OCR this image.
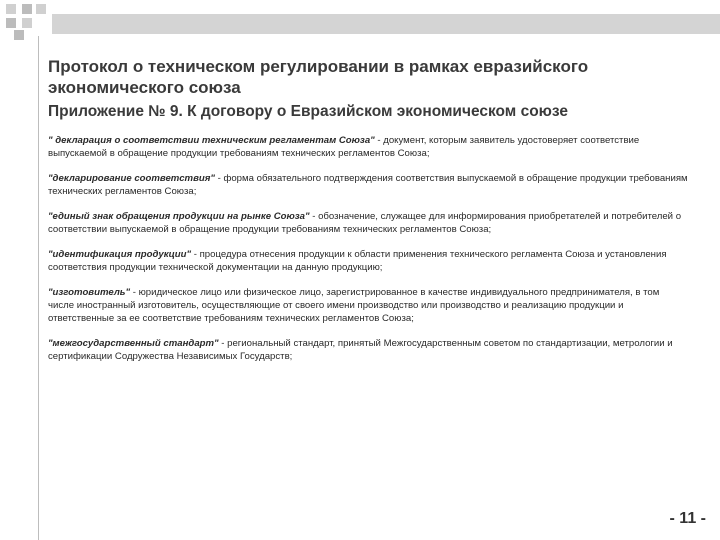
Протокол о техническом регулировании в рамках евразийского экономического союза
Приложение № 9. К договору о Евразийском экономическом союзе

" декларация о соответствии техническим регламентам Союза" - документ, которым заявитель удостоверяет соответствие выпускаемой в обращение продукции требованиям технических регламентов Союза;

"декларирование соответствия" - форма обязательного подтверждения соответствия выпускаемой в обращение продукции требованиям технических регламентов Союза;

"единый знак обращения продукции на рынке Союза" - обозначение, служащее для информирования приобретателей и потребителей о соответствии выпускаемой в обращение продукции требованиям технических регламентов Союза;

"идентификация продукции" - процедура отнесения продукции к области применения технического регламента Союза и установления соответствия продукции технической документации на данную продукцию;

"изготовитель" - юридическое лицо или физическое лицо, зарегистрированное в качестве индивидуального предпринимателя, в том числе иностранный изготовитель, осуществляющие от своего имени производство или производство и реализацию продукции и ответственные за ее соответствие требованиям технических регламентов Союза;

"межгосударственный стандарт" - региональный стандарт, принятый Межгосударственным советом по стандартизации, метрологии и сертификации Содружества Независимых Государств;

- 11 -
